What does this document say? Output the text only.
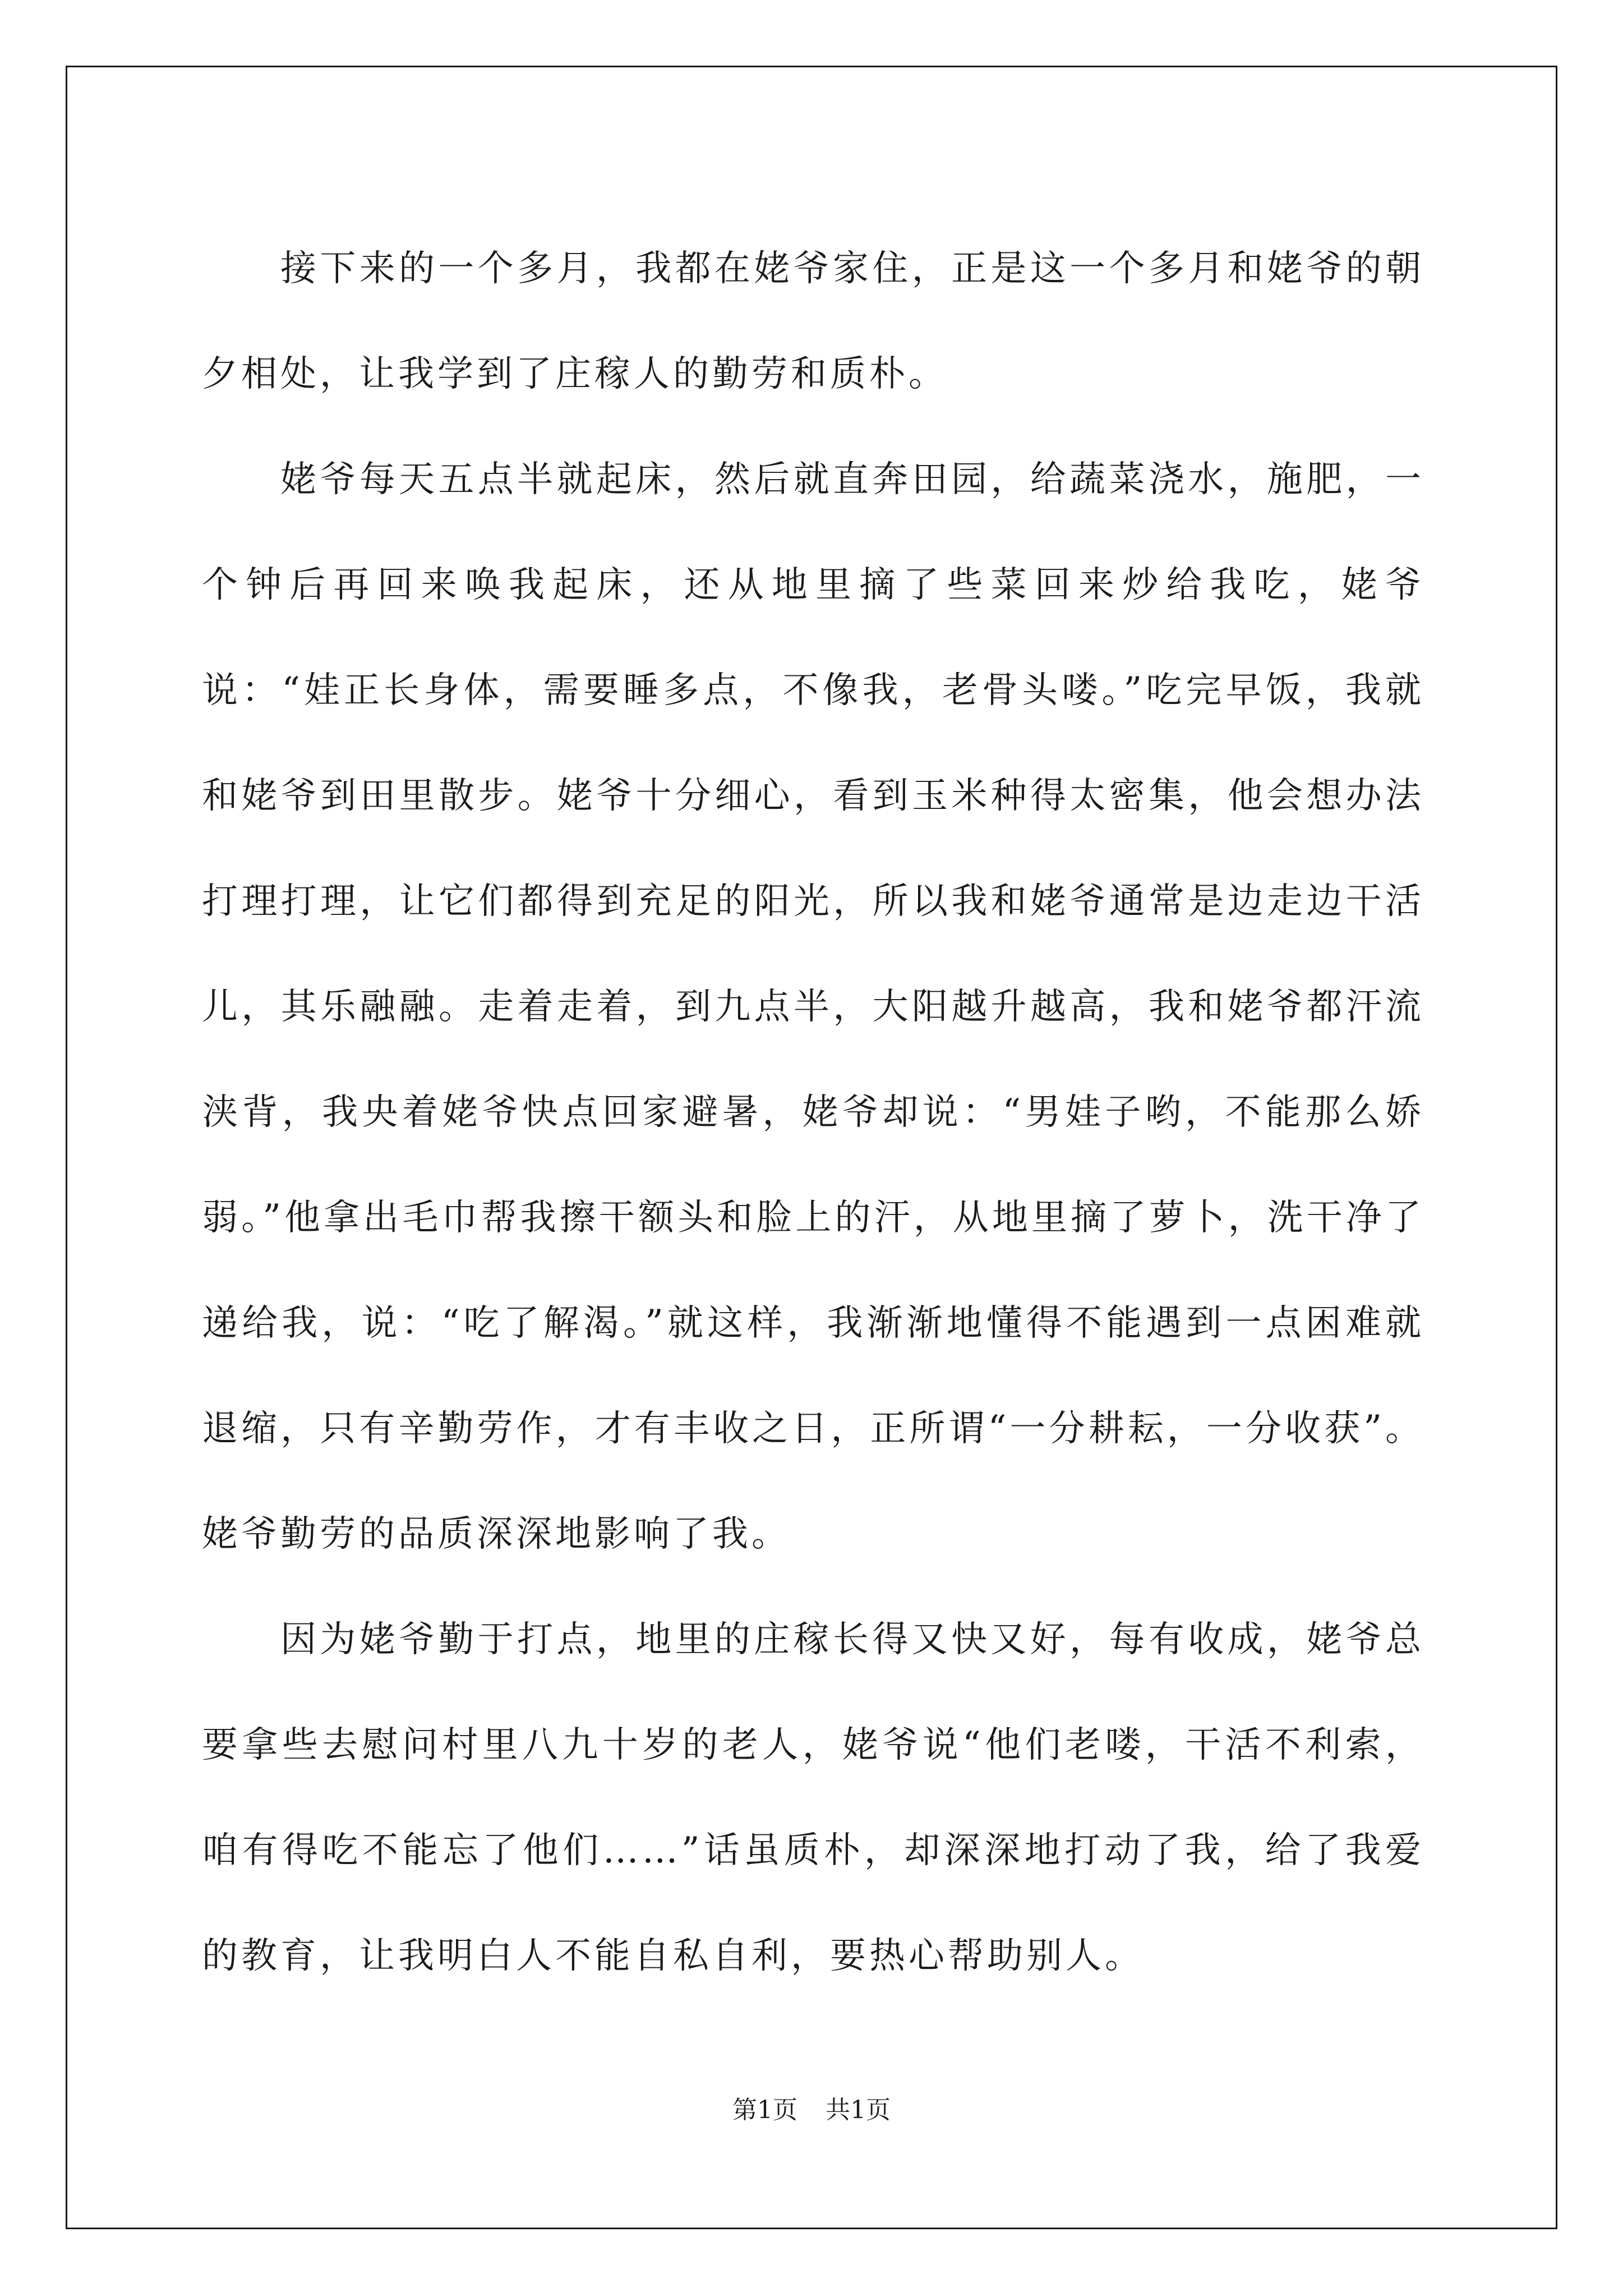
接下来的一个多月，我都在姥爷家住，正是这一个多月和姥爷的朝夕相处，让我学到了庄稼人的勤劳和质朴。

姥爷每天五点半就起床，然后就直奔田园，给蔬菜浇水，施肥，一个钟后再回来唤我起床，还从地里摘了些菜回来炒给我吃，姥爷说：“娃正长身体，需要睡多点，不像我，老骨头喽。”吃完早饭，我就和姥爷到田里散步。姥爷十分细心，看到玉米种得太密集，他会想办法打理打理，让它们都得到充足的阳光，所以我和姥爷通常是边走边干活儿，其乐融融。走着走着，到九点半，大阳越升越高，我和姥爷都汗流浃背，我央着姥爷快点回家避暑，姥爷却说：“男娃子哟，不能那么娇弱。”他拿出毛巾帮我擦干额头和脸上的汗，从地里摘了萝卜，洗干净了递给我，说：“吃了解渴。”就这样，我渐渐地懂得不能遇到一点困难就退缩，只有辛勤劳作，才有丰收之日，正所谓“一分耕耘，一分收获”。姥爷勤劳的品质深深地影响了我。

因为姥爷勤于打点，地里的庄稼长得又快又好，每有收成，姥爷总要拿些去慰问村里八九十岁的老人，姥爷说“他们老喽，干活不利索，咱有得吃不能忘了他们……”话虽质朴，却深深地打动了我，给了我爱的教育，让我明白人不能自私自利，要热心帮助别人。

第1页 共1页
